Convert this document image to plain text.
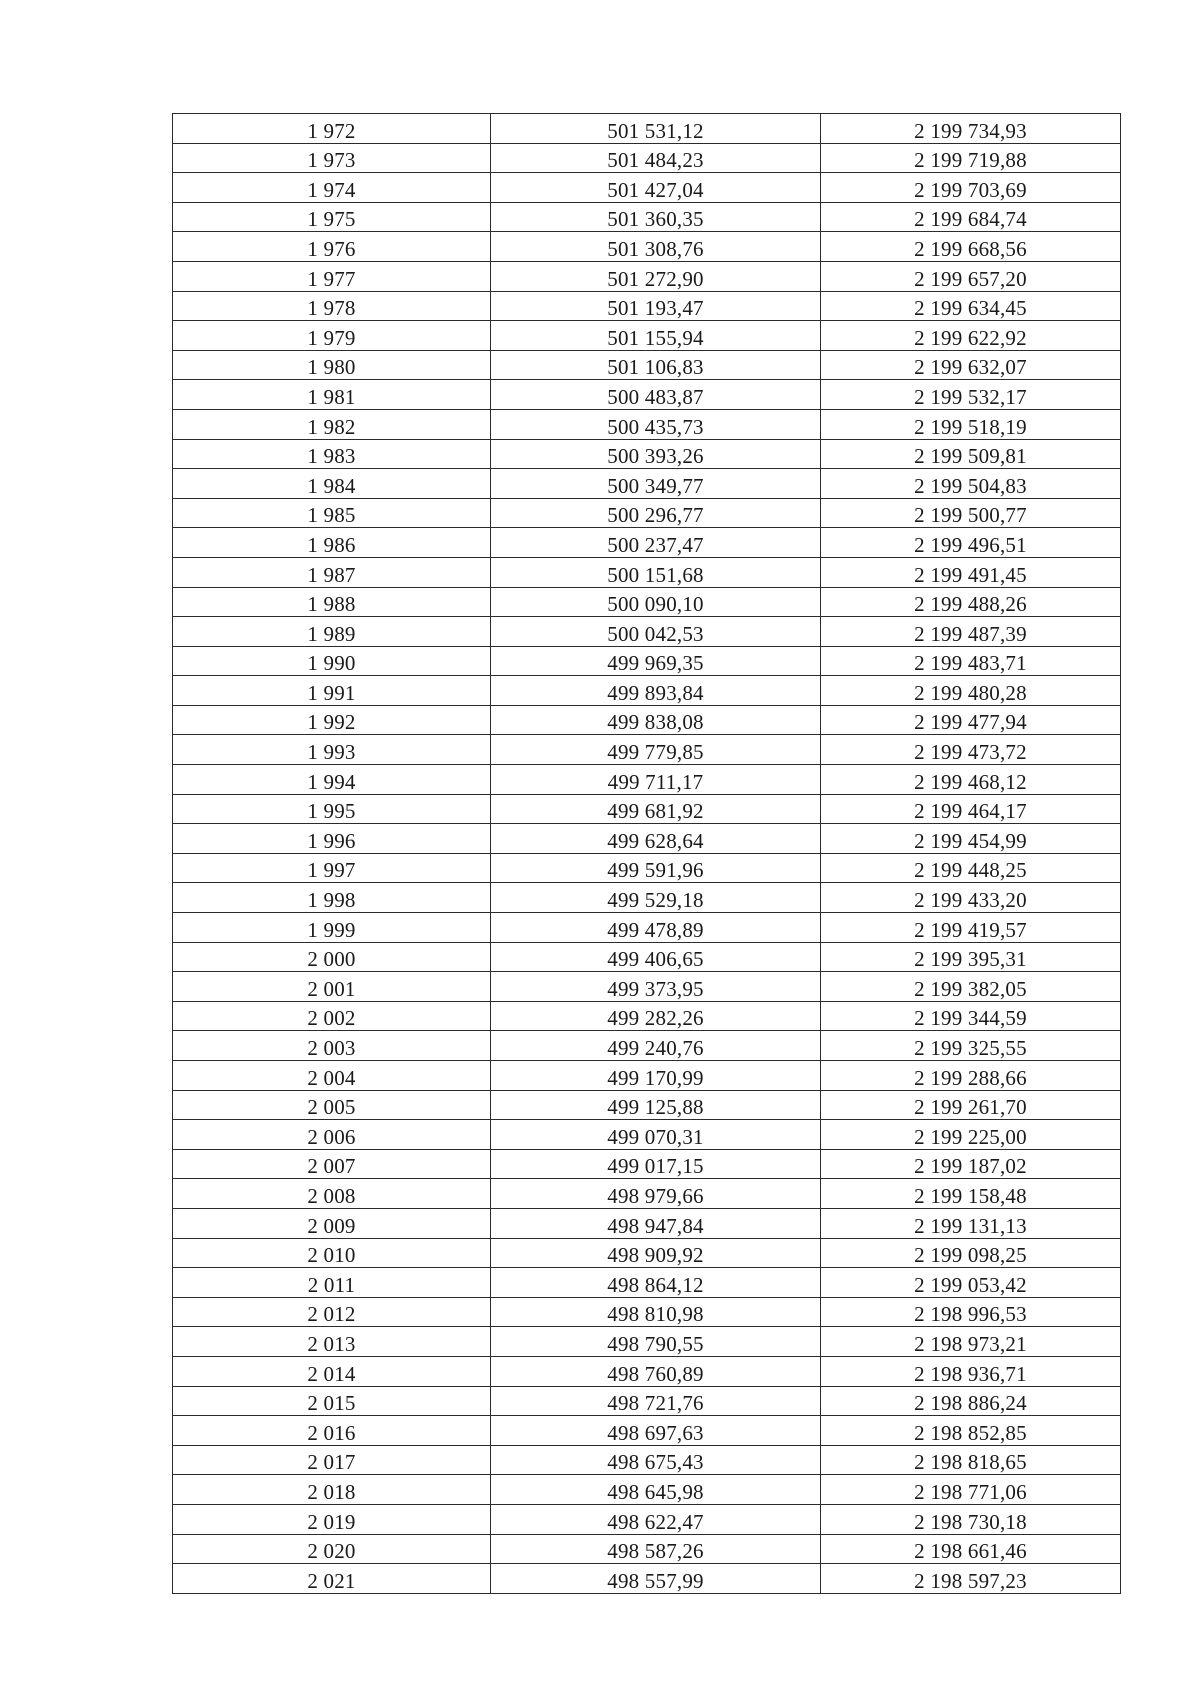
1 972	501 531,12	2 199 734,93
1 973	501 484,23	2 199 719,88
1 974	501 427,04	2 199 703,69
1 975	501 360,35	2 199 684,74
1 976	501 308,76	2 199 668,56
1 977	501 272,90	2 199 657,20
1 978	501 193,47	2 199 634,45
1 979	501 155,94	2 199 622,92
1 980	501 106,83	2 199 632,07
1 981	500 483,87	2 199 532,17
1 982	500 435,73	2 199 518,19
1 983	500 393,26	2 199 509,81
1 984	500 349,77	2 199 504,83
1 985	500 296,77	2 199 500,77
1 986	500 237,47	2 199 496,51
1 987	500 151,68	2 199 491,45
1 988	500 090,10	2 199 488,26
1 989	500 042,53	2 199 487,39
1 990	499 969,35	2 199 483,71
1 991	499 893,84	2 199 480,28
1 992	499 838,08	2 199 477,94
1 993	499 779,85	2 199 473,72
1 994	499 711,17	2 199 468,12
1 995	499 681,92	2 199 464,17
1 996	499 628,64	2 199 454,99
1 997	499 591,96	2 199 448,25
1 998	499 529,18	2 199 433,20
1 999	499 478,89	2 199 419,57
2 000	499 406,65	2 199 395,31
2 001	499 373,95	2 199 382,05
2 002	499 282,26	2 199 344,59
2 003	499 240,76	2 199 325,55
2 004	499 170,99	2 199 288,66
2 005	499 125,88	2 199 261,70
2 006	499 070,31	2 199 225,00
2 007	499 017,15	2 199 187,02
2 008	498 979,66	2 199 158,48
2 009	498 947,84	2 199 131,13
2 010	498 909,92	2 199 098,25
2 011	498 864,12	2 199 053,42
2 012	498 810,98	2 198 996,53
2 013	498 790,55	2 198 973,21
2 014	498 760,89	2 198 936,71
2 015	498 721,76	2 198 886,24
2 016	498 697,63	2 198 852,85
2 017	498 675,43	2 198 818,65
2 018	498 645,98	2 198 771,06
2 019	498 622,47	2 198 730,18
2 020	498 587,26	2 198 661,46
2 021	498 557,99	2 198 597,23
